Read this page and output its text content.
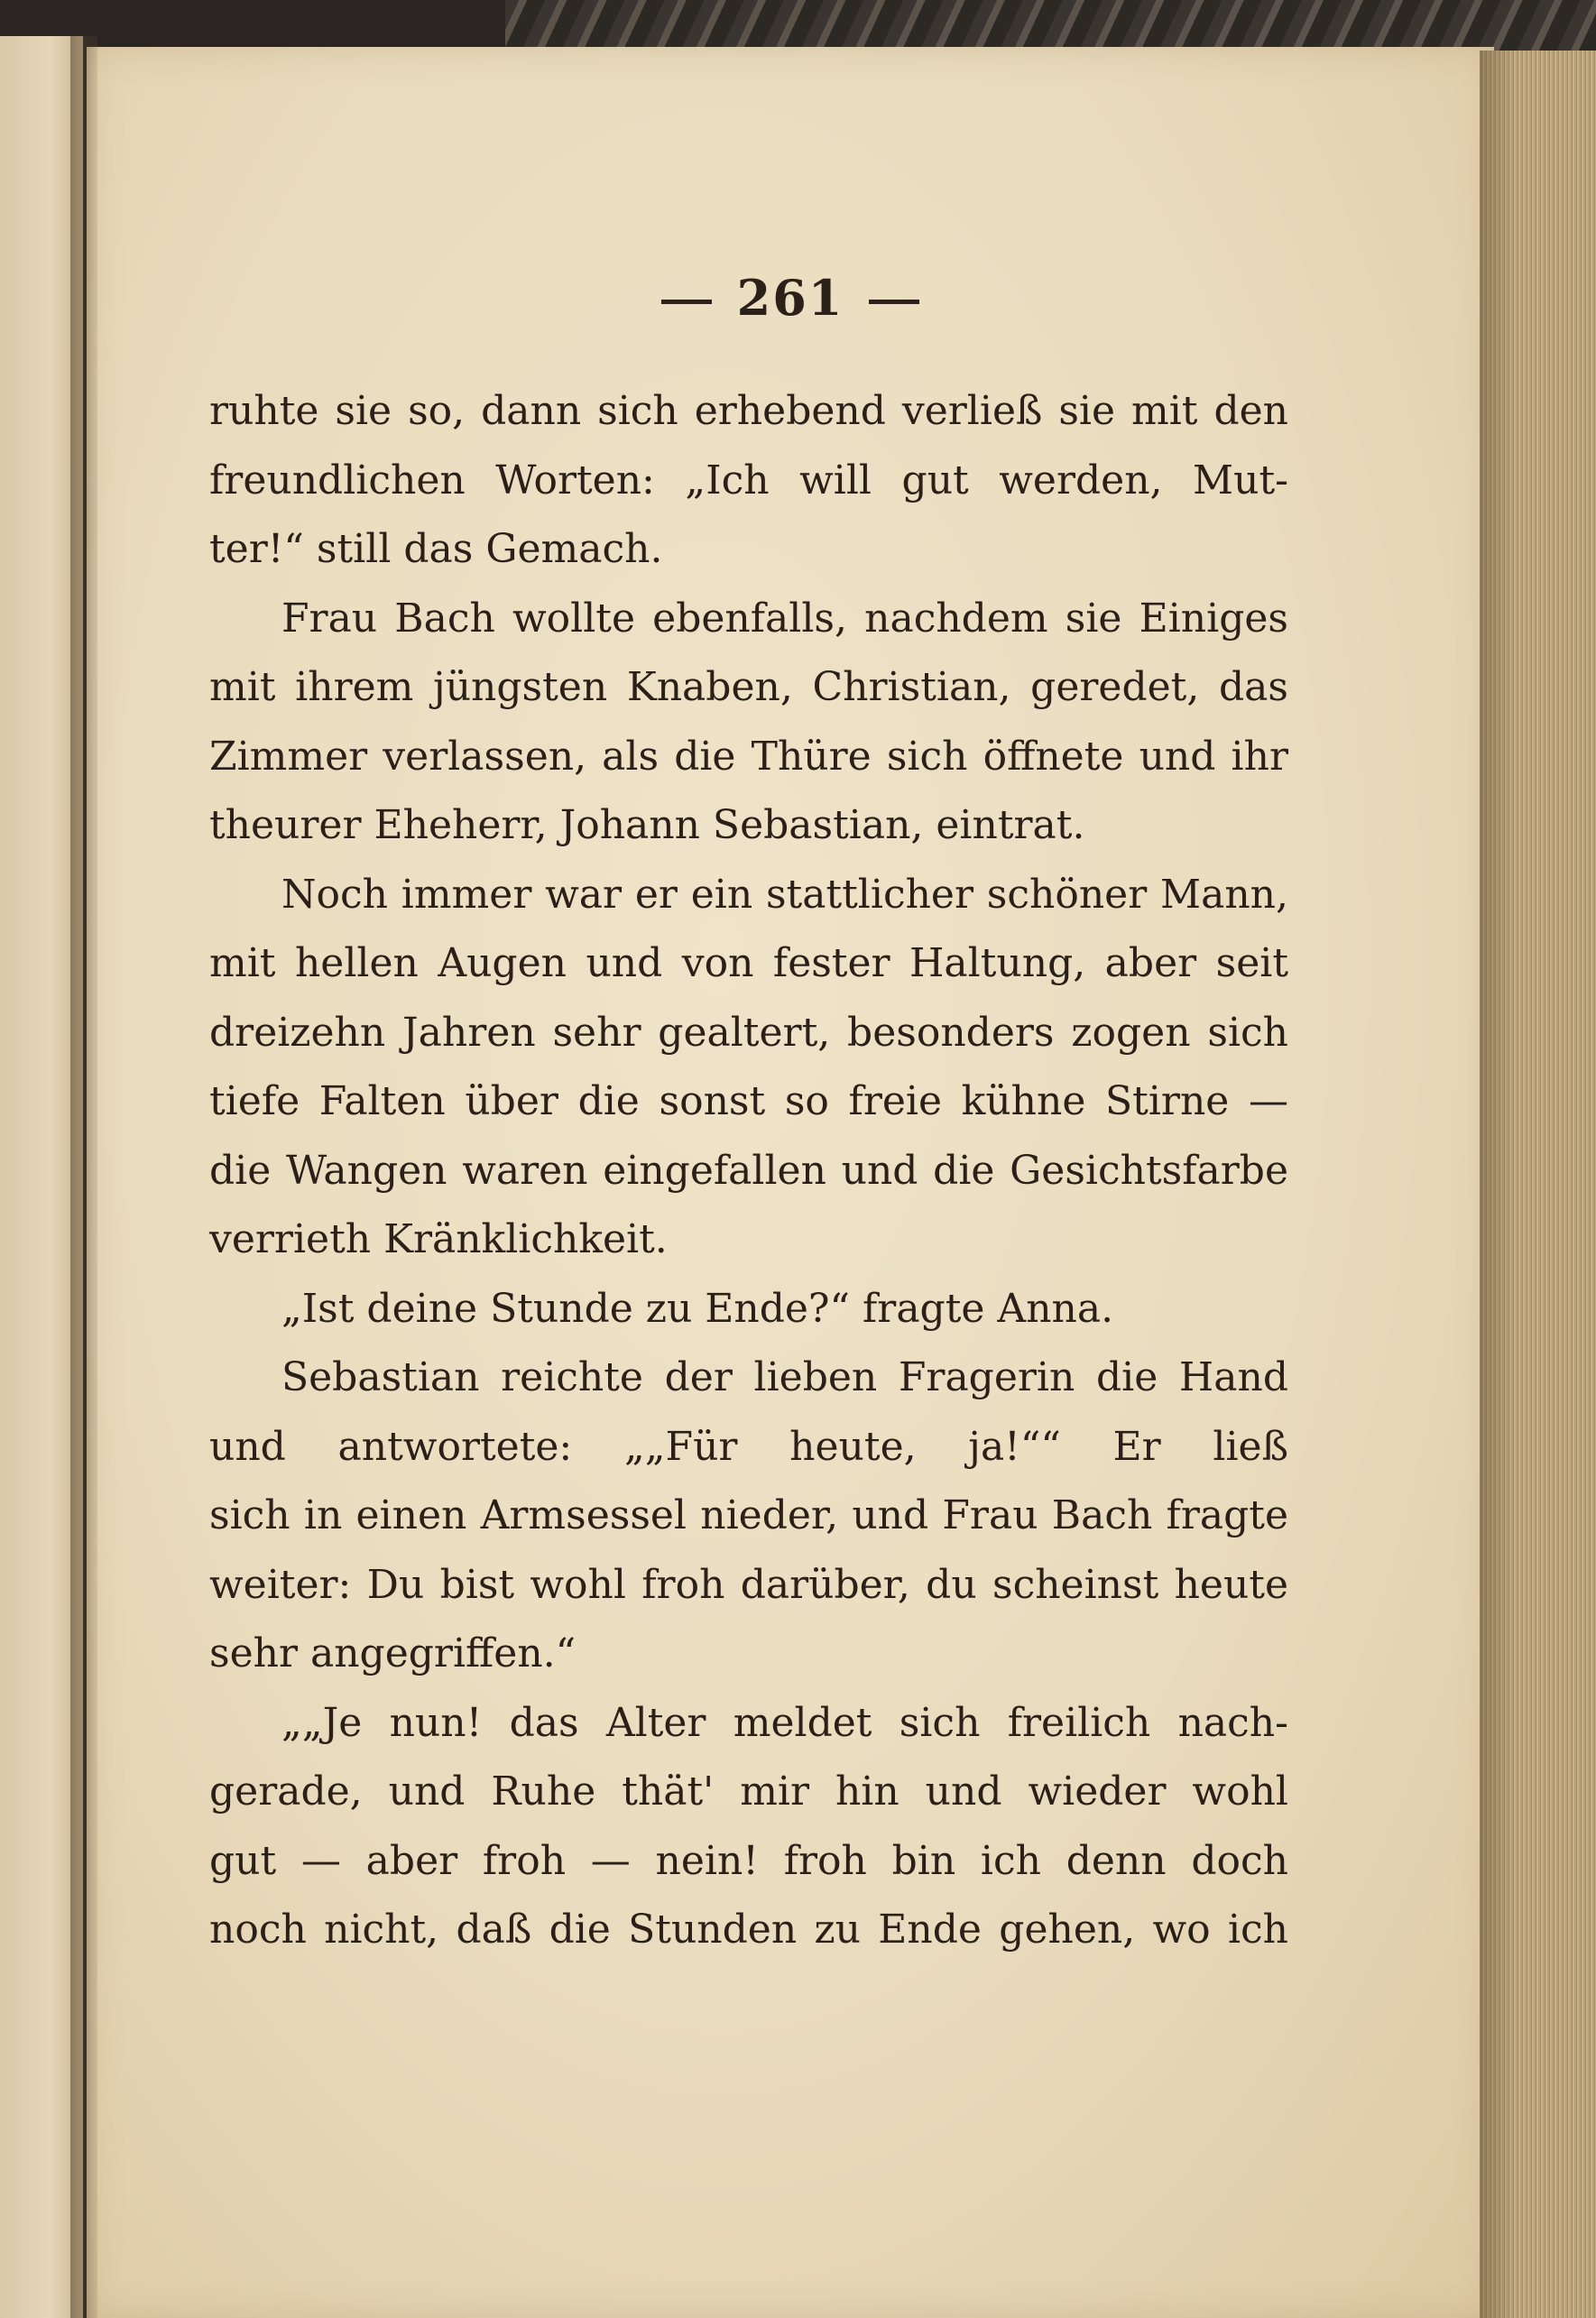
261
ruhte sie so, dann sich erhebend verließ sie mit den
freundlichen Worten: „Ich will gut werden, Mut-
ter!“ still das Gemach.
Frau Bach wollte ebenfalls, nachdem sie Einiges
mit ihrem jüngsten Knaben, Christian, geredet, das
Zimmer verlassen, als die Thüre sich öffnete und ihr
theurer Eheherr, Johann Sebastian, eintrat.
Noch immer war er ein stattlicher schöner Mann,
mit hellen Augen und von fester Haltung, aber seit
dreizehn Jahren sehr gealtert, besonders zogen sich
tiefe Falten über die sonst so freie kühne Stirne —
die Wangen waren eingefallen und die Gesichtsfarbe
verrieth Kränklichkeit.
„Ist deine Stunde zu Ende?“ fragte Anna.
Sebastian reichte der lieben Fragerin die Hand
und antwortete: „„Für heute, ja!““ Er ließ
sich in einen Armsessel nieder, und Frau Bach fragte
weiter: Du bist wohl froh darüber, du scheinst heute
sehr angegriffen.“
„„Je nun! das Alter meldet sich freilich nach-
gerade, und Ruhe thät' mir hin und wieder wohl
gut — aber froh — nein! froh bin ich denn doch
noch nicht, daß die Stunden zu Ende gehen, wo ich
